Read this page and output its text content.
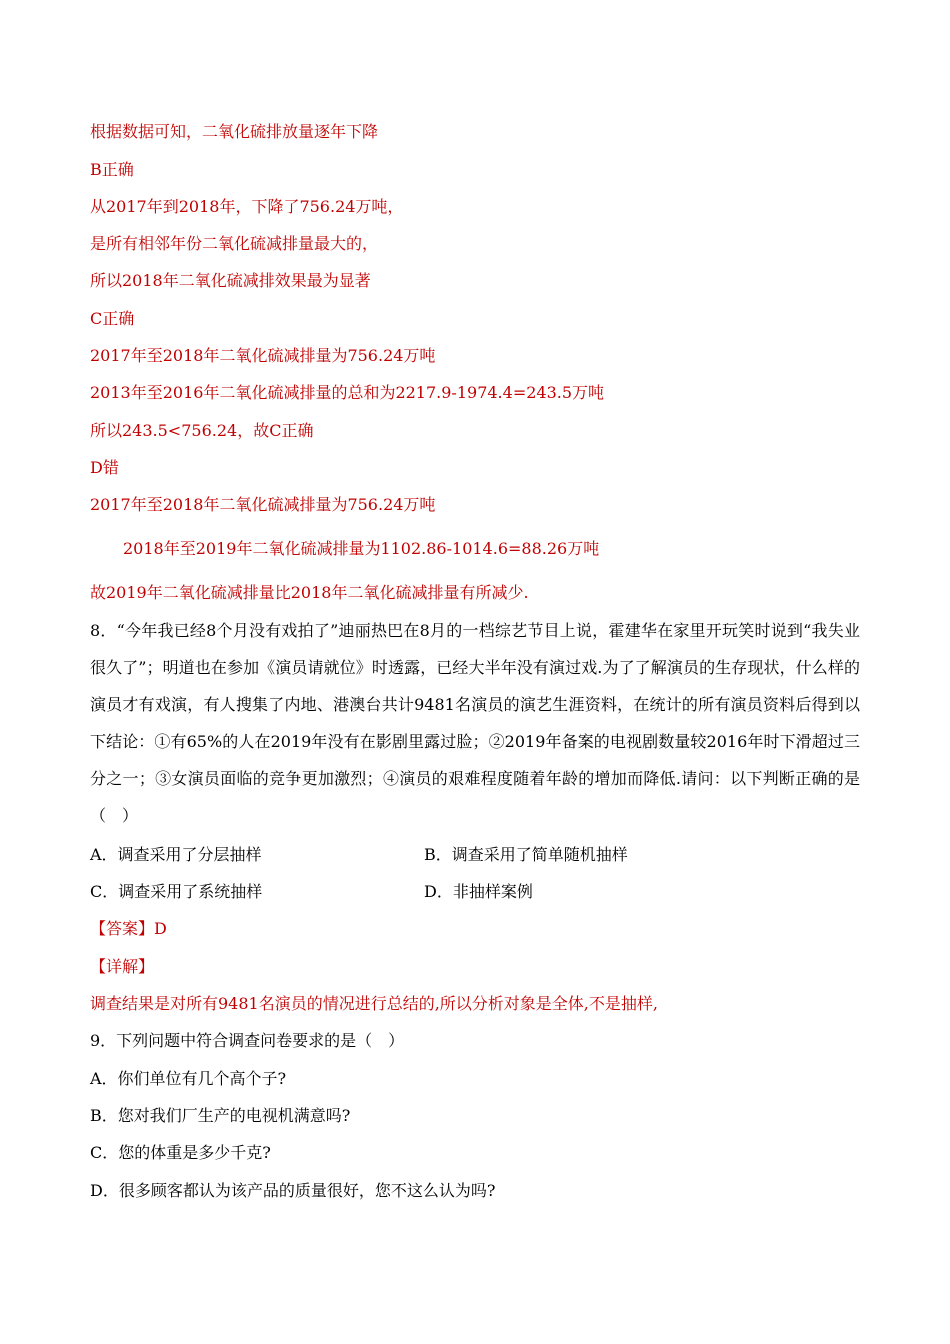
根据数据可知，二氧化硫排放量逐年下降
B正确
从2017年到2018年，下降了756.24万吨，
是所有相邻年份二氧化硫减排量最大的，
所以2018年二氧化硫减排效果最为显著
C正确
2017年至2018年二氧化硫减排量为756.24万吨
2013年至2016年二氧化硫减排量的总和为2217.9-1974.4=243.5万吨
所以243.5<756.24，故C正确
D错
2017年至2018年二氧化硫减排量为756.24万吨
2018年至2019年二氧化硫减排量为1102.86-1014.6=88.26万吨
故2019年二氧化硫减排量比2018年二氧化硫减排量有所减少.
8．“今年我已经8个月没有戏拍了”迪丽热巴在8月的一档综艺节目上说，霍建华在家里开玩笑时说到“我失业很久了”；明道也在参加《演员请就位》时透露，已经大半年没有演过戏.为了了解演员的生存现状，什么样的演员才有戏演，有人搜集了内地、港澳台共计9481名演员的演艺生涯资料，在统计的所有演员资料后得到以下结论：①有65%的人在2019年没有在影剧里露过脸；②2019年备案的电视剧数量较2016年时下滑超过三分之一；③女演员面临的竞争更加激烈；④演员的艰难程度随着年龄的增加而降低.请问：以下判断正确的是（　）
A．调查采用了分层抽样	B．调查采用了简单随机抽样
C．调查采用了系统抽样	D．非抽样案例
【答案】D
【详解】
调查结果是对所有9481名演员的情况进行总结的,所以分析对象是全体,不是抽样,
9．下列问题中符合调查问卷要求的是（　）
A．你们单位有几个高个子?
B．您对我们厂生产的电视机满意吗?
C．您的体重是多少千克?
D．很多顾客都认为该产品的质量很好，您不这么认为吗?
